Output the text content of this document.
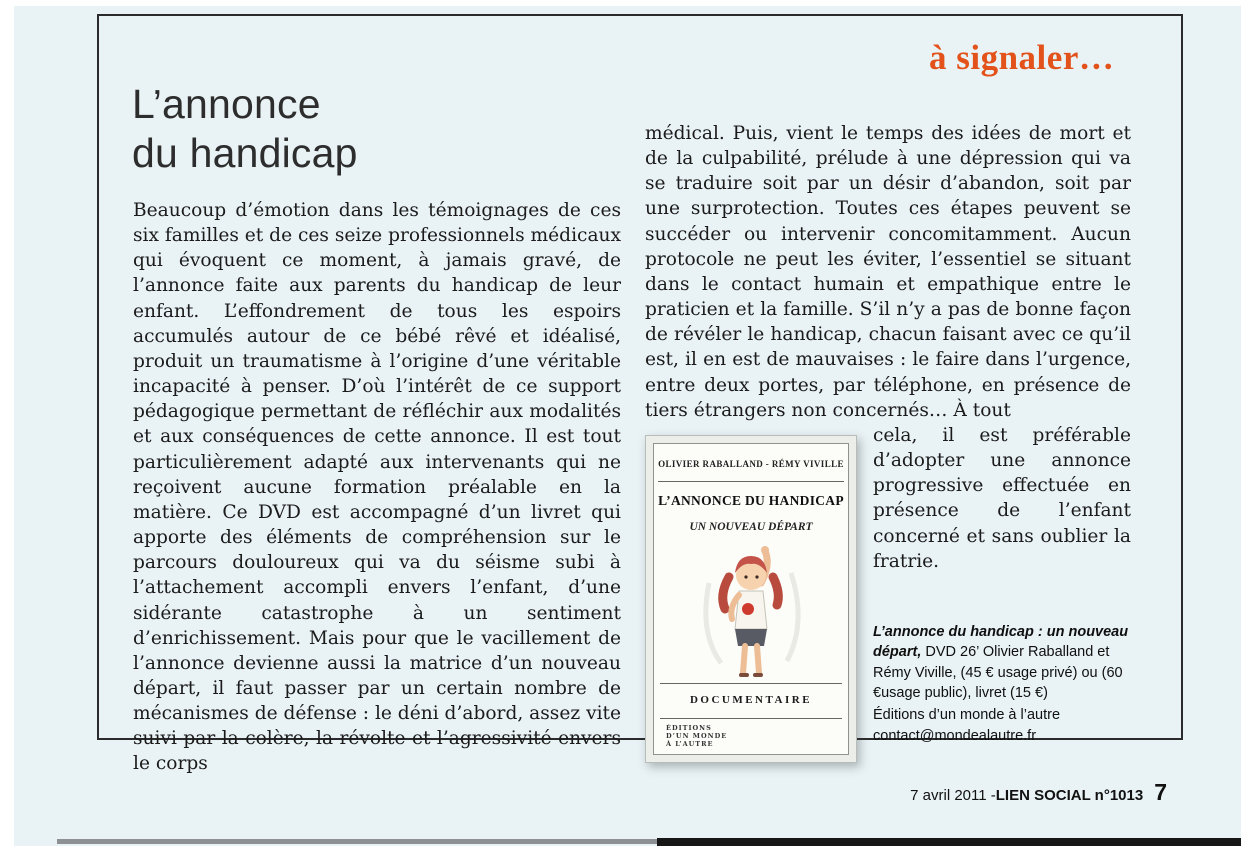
à signaler…
L’annonce
du handicap

Beaucoup d’émotion dans les témoignages de ces six familles et de ces seize professionnels médicaux qui évoquent ce moment, à jamais gravé, de l’annonce faite aux parents du handicap de leur enfant. L’effondrement de tous les espoirs accumulés autour de ce bébé rêvé et idéalisé, produit un traumatisme à l’origine d’une véritable incapacité à penser. D’où l’intérêt de ce support pédagogique permettant de réfléchir aux modalités et aux conséquences de cette annonce. Il est tout particulièrement adapté aux intervenants qui ne reçoivent aucune formation préalable en la matière. Ce DVD est accompagné d’un livret qui apporte des éléments de compréhension sur le parcours douloureux qui va du séisme subi à l’attachement accompli envers l’enfant, d’une sidérante catastrophe à un sentiment d’enrichissement. Mais pour que le vacillement de l’annonce devienne aussi la matrice d’un nouveau départ, il faut passer par un certain nombre de mécanismes de défense : le déni d’abord, assez vite suivi par la colère, la révolte et l’agressivité envers le corps

médical. Puis, vient le temps des idées de mort et de la culpabilité, prélude à une dépression qui va se traduire soit par un désir d’abandon, soit par une surprotection. Toutes ces étapes peuvent se succéder ou intervenir concomitamment. Aucun protocole ne peut les éviter, l’essentiel se situant dans le contact humain et empathique entre le praticien et la famille. S’il n’y a pas de bonne façon de révéler le handicap, chacun faisant avec ce qu’il est, il en est de mauvaises : le faire dans l’urgence, entre deux portes, par téléphone, en présence de tiers étrangers non concernés… À tout

OLIVIER RABALLAND - RÉMY VIVILLE
L’ANNONCE DU HANDICAP
UN NOUVEAU DÉPART
DOCUMENTAIRE
ÉDITIONS
D’UN MONDE
À L’AUTRE

cela, il est préférable d’adopter une annonce progressive effectuée en présence de l’enfant concerné et sans oublier la fratrie.

L’annonce du handicap : un nouveau départ, DVD 26’ Olivier Raballand et Rémy Viville, (45 € usage privé) ou (60 €usage public), livret (15 €)

Éditions d’un monde à l’autre
contact@mondealautre.fr
7 avril 2011 - LIEN SOCIAL n°1013 7
